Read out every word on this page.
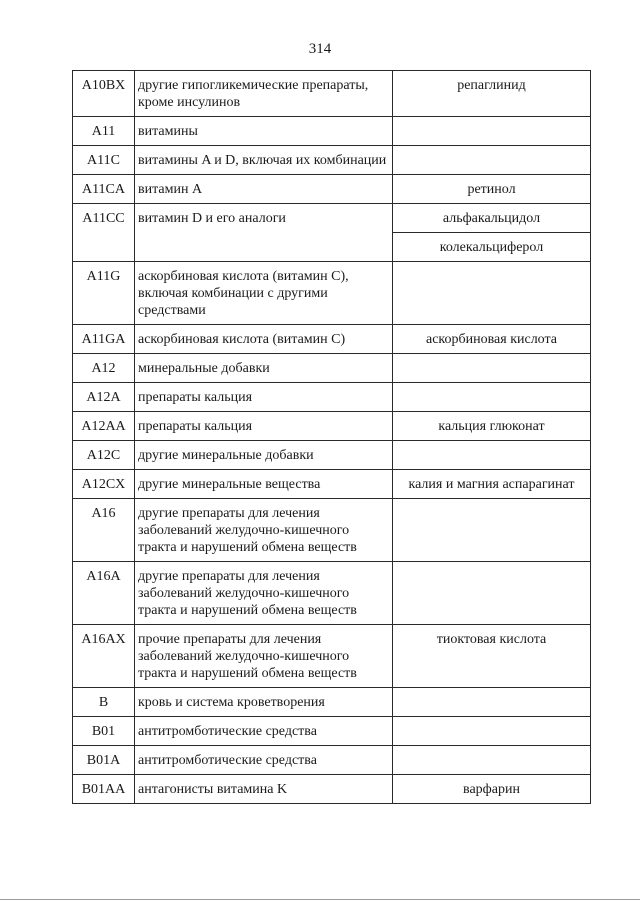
314
A10BX	другие гипогликемические препараты, кроме инсулинов	репаглинид
A11	витамины	
A11C	витамины A и D, включая их комбинации	
A11CA	витамин A	ретинол
A11CC	витамин D и его аналоги	альфакальцидол
		колекальциферол
A11G	аскорбиновая кислота (витамин C), включая комбинации с другими средствами	
A11GA	аскорбиновая кислота (витамин C)	аскорбиновая кислота
A12	минеральные добавки	
A12A	препараты кальция	
A12AA	препараты кальция	кальция глюконат
A12C	другие минеральные добавки	
A12CX	другие минеральные вещества	калия и магния аспарагинат
A16	другие препараты для лечения заболеваний желудочно-кишечного тракта и нарушений обмена веществ	
A16A	другие препараты для лечения заболеваний желудочно-кишечного тракта и нарушений обмена веществ	
A16AX	прочие препараты для лечения заболеваний желудочно-кишечного тракта и нарушений обмена веществ	тиоктовая кислота
B	кровь и система кроветворения	
B01	антитромботические средства	
B01A	антитромботические средства	
B01AA	антагонисты витамина K	варфарин
